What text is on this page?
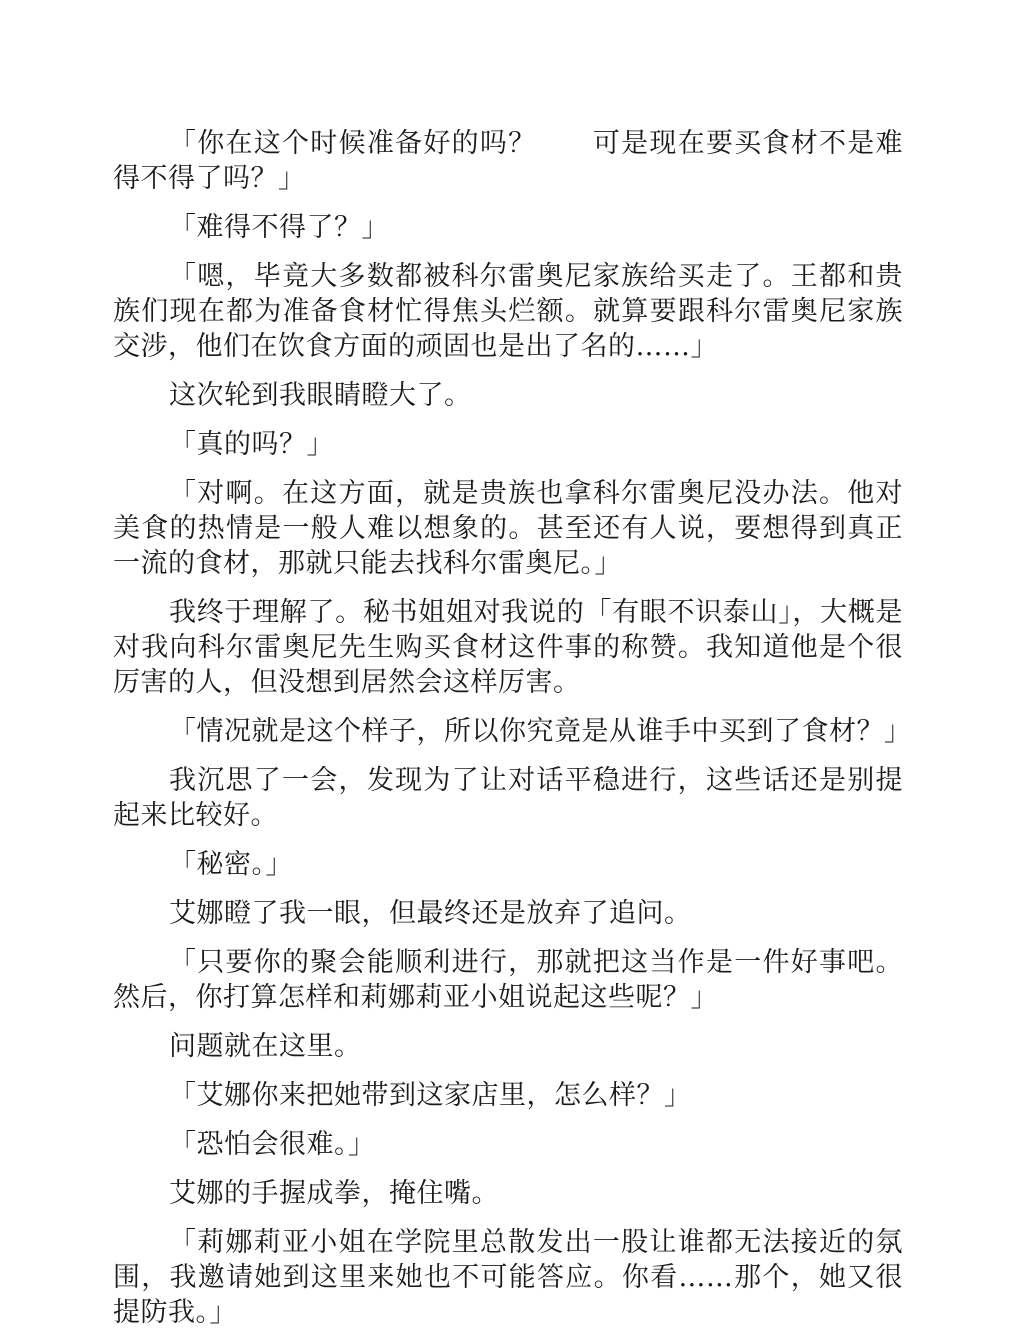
「你在这个时候准备好的吗？　　可是现在要买食材不是难得不得了吗？」

「难得不得了？」

「嗯，毕竟大多数都被科尔雷奥尼家族给买走了。王都和贵族们现在都为准备食材忙得焦头烂额。就算要跟科尔雷奥尼家族交涉，他们在饮食方面的顽固也是出了名的……」

这次轮到我眼睛瞪大了。

「真的吗？」

「对啊。在这方面，就是贵族也拿科尔雷奥尼没办法。他对美食的热情是一般人难以想象的。甚至还有人说，要想得到真正一流的食材，那就只能去找科尔雷奥尼。」

我终于理解了。秘书姐姐对我说的「有眼不识泰山」，大概是对我向科尔雷奥尼先生购买食材这件事的称赞。我知道他是个很厉害的人，但没想到居然会这样厉害。

「情况就是这个样子，所以你究竟是从谁手中买到了食材？」

我沉思了一会，发现为了让对话平稳进行，这些话还是别提起来比较好。

「秘密。」

艾娜瞪了我一眼，但最终还是放弃了追问。

「只要你的聚会能顺利进行，那就把这当作是一件好事吧。然后，你打算怎样和莉娜莉亚小姐说起这些呢？」

问题就在这里。

「艾娜你来把她带到这家店里，怎么样？」

「恐怕会很难。」

艾娜的手握成拳，掩住嘴。

「莉娜莉亚小姐在学院里总散发出一股让谁都无法接近的氛围，我邀请她到这里来她也不可能答应。你看……那个，她又很提防我。」
